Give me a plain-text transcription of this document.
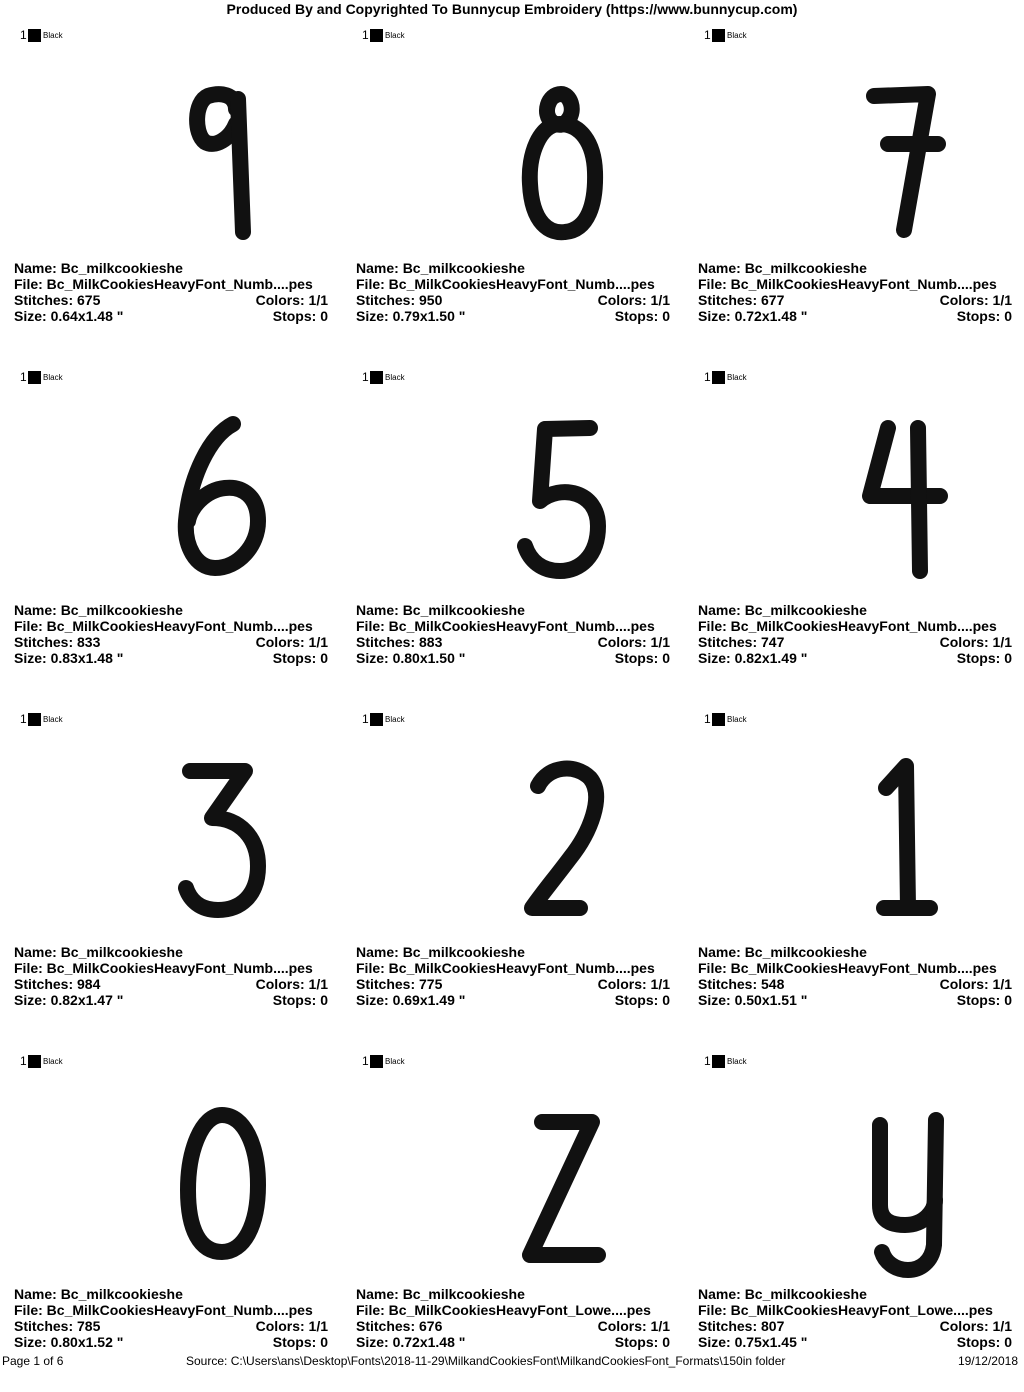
Produced By and Copyrighted To Bunnycup Embroidery (https://www.bunnycup.com)
1 Black
Name: Bc_milkcookieshe
File: Bc_MilkCookiesHeavyFont_Numb....pes
Stitches: 675	Colors: 1/1
Size: 0.64x1.48 "	Stops: 0
1 Black
Name: Bc_milkcookieshe
File: Bc_MilkCookiesHeavyFont_Numb....pes
Stitches: 950	Colors: 1/1
Size: 0.79x1.50 "	Stops: 0
1 Black
Name: Bc_milkcookieshe
File: Bc_MilkCookiesHeavyFont_Numb....pes
Stitches: 677	Colors: 1/1
Size: 0.72x1.48 "	Stops: 0
1 Black
Name: Bc_milkcookieshe
File: Bc_MilkCookiesHeavyFont_Numb....pes
Stitches: 833	Colors: 1/1
Size: 0.83x1.48 "	Stops: 0
1 Black
Name: Bc_milkcookieshe
File: Bc_MilkCookiesHeavyFont_Numb....pes
Stitches: 883	Colors: 1/1
Size: 0.80x1.50 "	Stops: 0
1 Black
Name: Bc_milkcookieshe
File: Bc_MilkCookiesHeavyFont_Numb....pes
Stitches: 747	Colors: 1/1
Size: 0.82x1.49 "	Stops: 0
1 Black
Name: Bc_milkcookieshe
File: Bc_MilkCookiesHeavyFont_Numb....pes
Stitches: 984	Colors: 1/1
Size: 0.82x1.47 "	Stops: 0
1 Black
Name: Bc_milkcookieshe
File: Bc_MilkCookiesHeavyFont_Numb....pes
Stitches: 775	Colors: 1/1
Size: 0.69x1.49 "	Stops: 0
1 Black
Name: Bc_milkcookieshe
File: Bc_MilkCookiesHeavyFont_Numb....pes
Stitches: 548	Colors: 1/1
Size: 0.50x1.51 "	Stops: 0
1 Black
Name: Bc_milkcookieshe
File: Bc_MilkCookiesHeavyFont_Numb....pes
Stitches: 785	Colors: 1/1
Size: 0.80x1.52 "	Stops: 0
1 Black
Name: Bc_milkcookieshe
File: Bc_MilkCookiesHeavyFont_Lowe....pes
Stitches: 676	Colors: 1/1
Size: 0.72x1.48 "	Stops: 0
1 Black
Name: Bc_milkcookieshe
File: Bc_MilkCookiesHeavyFont_Lowe....pes
Stitches: 807	Colors: 1/1
Size: 0.75x1.45 "	Stops: 0
Page 1 of 6	Source: C:\Users\ans\Desktop\Fonts\2018-11-29\MilkandCookiesFont\MilkandCookiesFont_Formats\150in folder	19/12/2018
